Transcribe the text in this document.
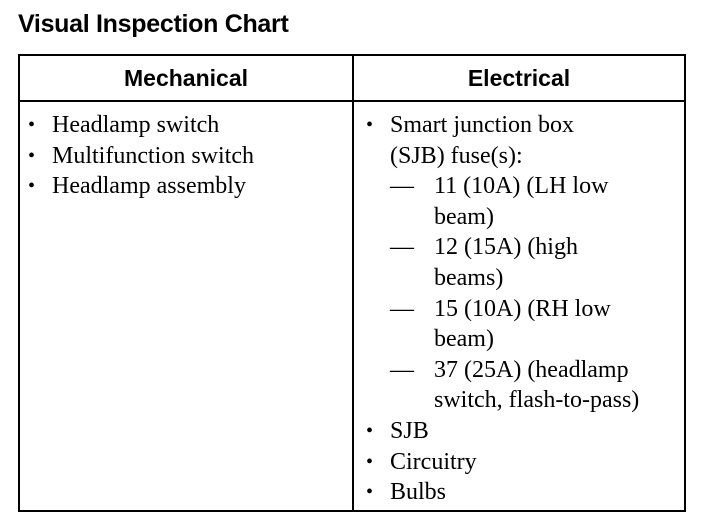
Visual Inspection Chart
Mechanical	Electrical
• Headlamp switch
• Multifunction switch
• Headlamp assembly
• Smart junction box
(SJB) fuse(s):
— 11 (10A) (LH low
beam)
— 12 (15A) (high
beams)
— 15 (10A) (RH low
beam)
— 37 (25A) (headlamp
switch, flash-to-pass)
• SJB
• Circuitry
• Bulbs
